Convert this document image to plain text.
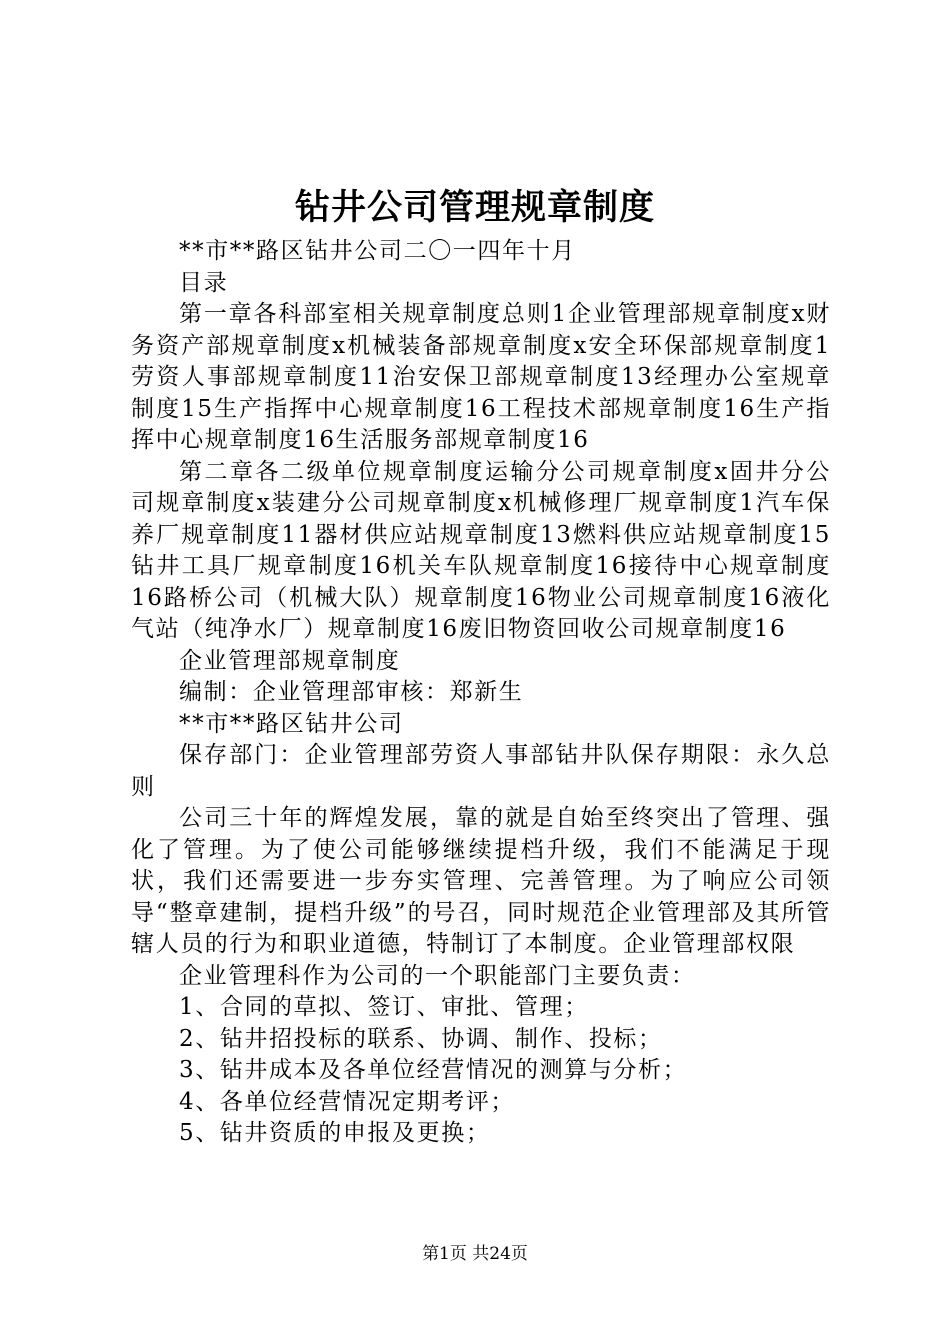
钻井公司管理规章制度

**市**路区钻井公司二〇一四年十月

目录

第一章各科部室相关规章制度总则1企业管理部规章制度x财务资产部规章制度x机械装备部规章制度x安全环保部规章制度1劳资人事部规章制度11治安保卫部规章制度13经理办公室规章制度15生产指挥中心规章制度16工程技术部规章制度16生产指挥中心规章制度16生活服务部规章制度16

第二章各二级单位规章制度运输分公司规章制度x固井分公司规章制度x装建分公司规章制度x机械修理厂规章制度1汽车保养厂规章制度11器材供应站规章制度13燃料供应站规章制度15钻井工具厂规章制度16机关车队规章制度16接待中心规章制度16路桥公司（机械大队）规章制度16物业公司规章制度16液化气站（纯净水厂）规章制度16废旧物资回收公司规章制度16

企业管理部规章制度

编制：企业管理部审核：郑新生

**市**路区钻井公司

保存部门：企业管理部劳资人事部钻井队保存期限：永久总则

公司三十年的辉煌发展，靠的就是自始至终突出了管理、强化了管理。为了使公司能够继续提档升级，我们不能满足于现状，我们还需要进一步夯实管理、完善管理。为了响应公司领导“整章建制，提档升级”的号召，同时规范企业管理部及其所管辖人员的行为和职业道德，特制订了本制度。企业管理部权限

企业管理科作为公司的一个职能部门主要负责：

1、合同的草拟、签订、审批、管理；

2、钻井招投标的联系、协调、制作、投标；

3、钻井成本及各单位经营情况的测算与分析；

4、各单位经营情况定期考评；

5、钻井资质的申报及更换；

第1页 共24页
